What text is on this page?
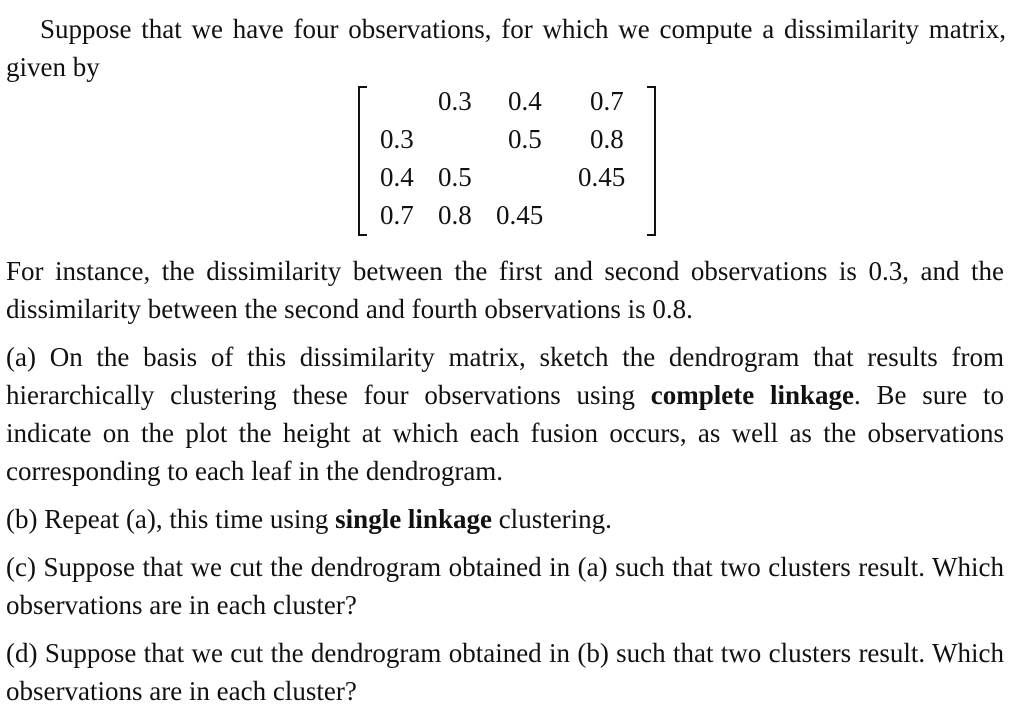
Suppose that we have four observations, for which we compute a dissimilarity matrix, given by
0.3 0.4 0.7
0.3	0.5 0.8
0.4 0.5	0.45
0.7 0.8 0.45
For instance, the dissimilarity between the first and second observations is 0.3, and the dissimilarity between the second and fourth observations is 0.8.
(a) On the basis of this dissimilarity matrix, sketch the dendrogram that results from hierarchically clustering these four observations using complete linkage. Be sure to indicate on the plot the height at which each fusion occurs, as well as the observations corresponding to each leaf in the dendrogram.
(b) Repeat (a), this time using single linkage clustering.
(c) Suppose that we cut the dendrogram obtained in (a) such that two clusters result. Which observations are in each cluster?
(d) Suppose that we cut the dendrogram obtained in (b) such that two clusters result. Which observations are in each cluster?
